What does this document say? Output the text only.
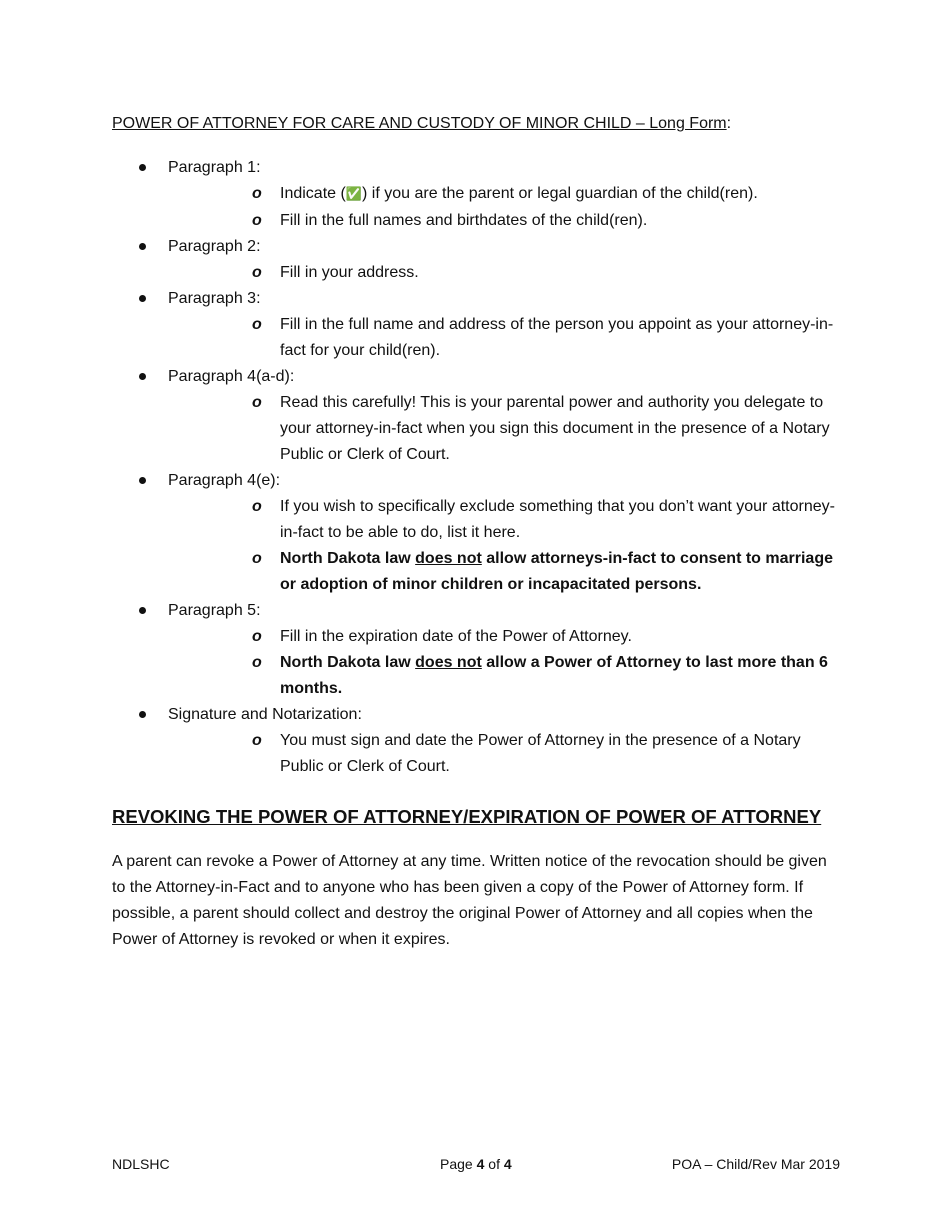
POWER OF ATTORNEY FOR CARE AND CUSTODY OF MINOR CHILD – Long Form:
Paragraph 1:
o Indicate (✅) if you are the parent or legal guardian of the child(ren).
o Fill in the full names and birthdates of the child(ren).
Paragraph 2:
o Fill in your address.
Paragraph 3:
o Fill in the full name and address of the person you appoint as your attorney-in-fact for your child(ren).
Paragraph 4(a-d):
o Read this carefully! This is your parental power and authority you delegate to your attorney-in-fact when you sign this document in the presence of a Notary Public or Clerk of Court.
Paragraph 4(e):
o If you wish to specifically exclude something that you don’t want your attorney-in-fact to be able to do, list it here.
o North Dakota law does not allow attorneys-in-fact to consent to marriage or adoption of minor children or incapacitated persons.
Paragraph 5:
o Fill in the expiration date of the Power of Attorney.
o North Dakota law does not allow a Power of Attorney to last more than 6 months.
Signature and Notarization:
o You must sign and date the Power of Attorney in the presence of a Notary Public or Clerk of Court.
REVOKING THE POWER OF ATTORNEY/EXPIRATION OF POWER OF ATTORNEY

A parent can revoke a Power of Attorney at any time. Written notice of the revocation should be given to the Attorney-in-Fact and to anyone who has been given a copy of the Power of Attorney form. If possible, a parent should collect and destroy the original Power of Attorney and all copies when the Power of Attorney is revoked or when it expires.

NDLSHC	Page 4 of 4	POA – Child/Rev Mar 2019
